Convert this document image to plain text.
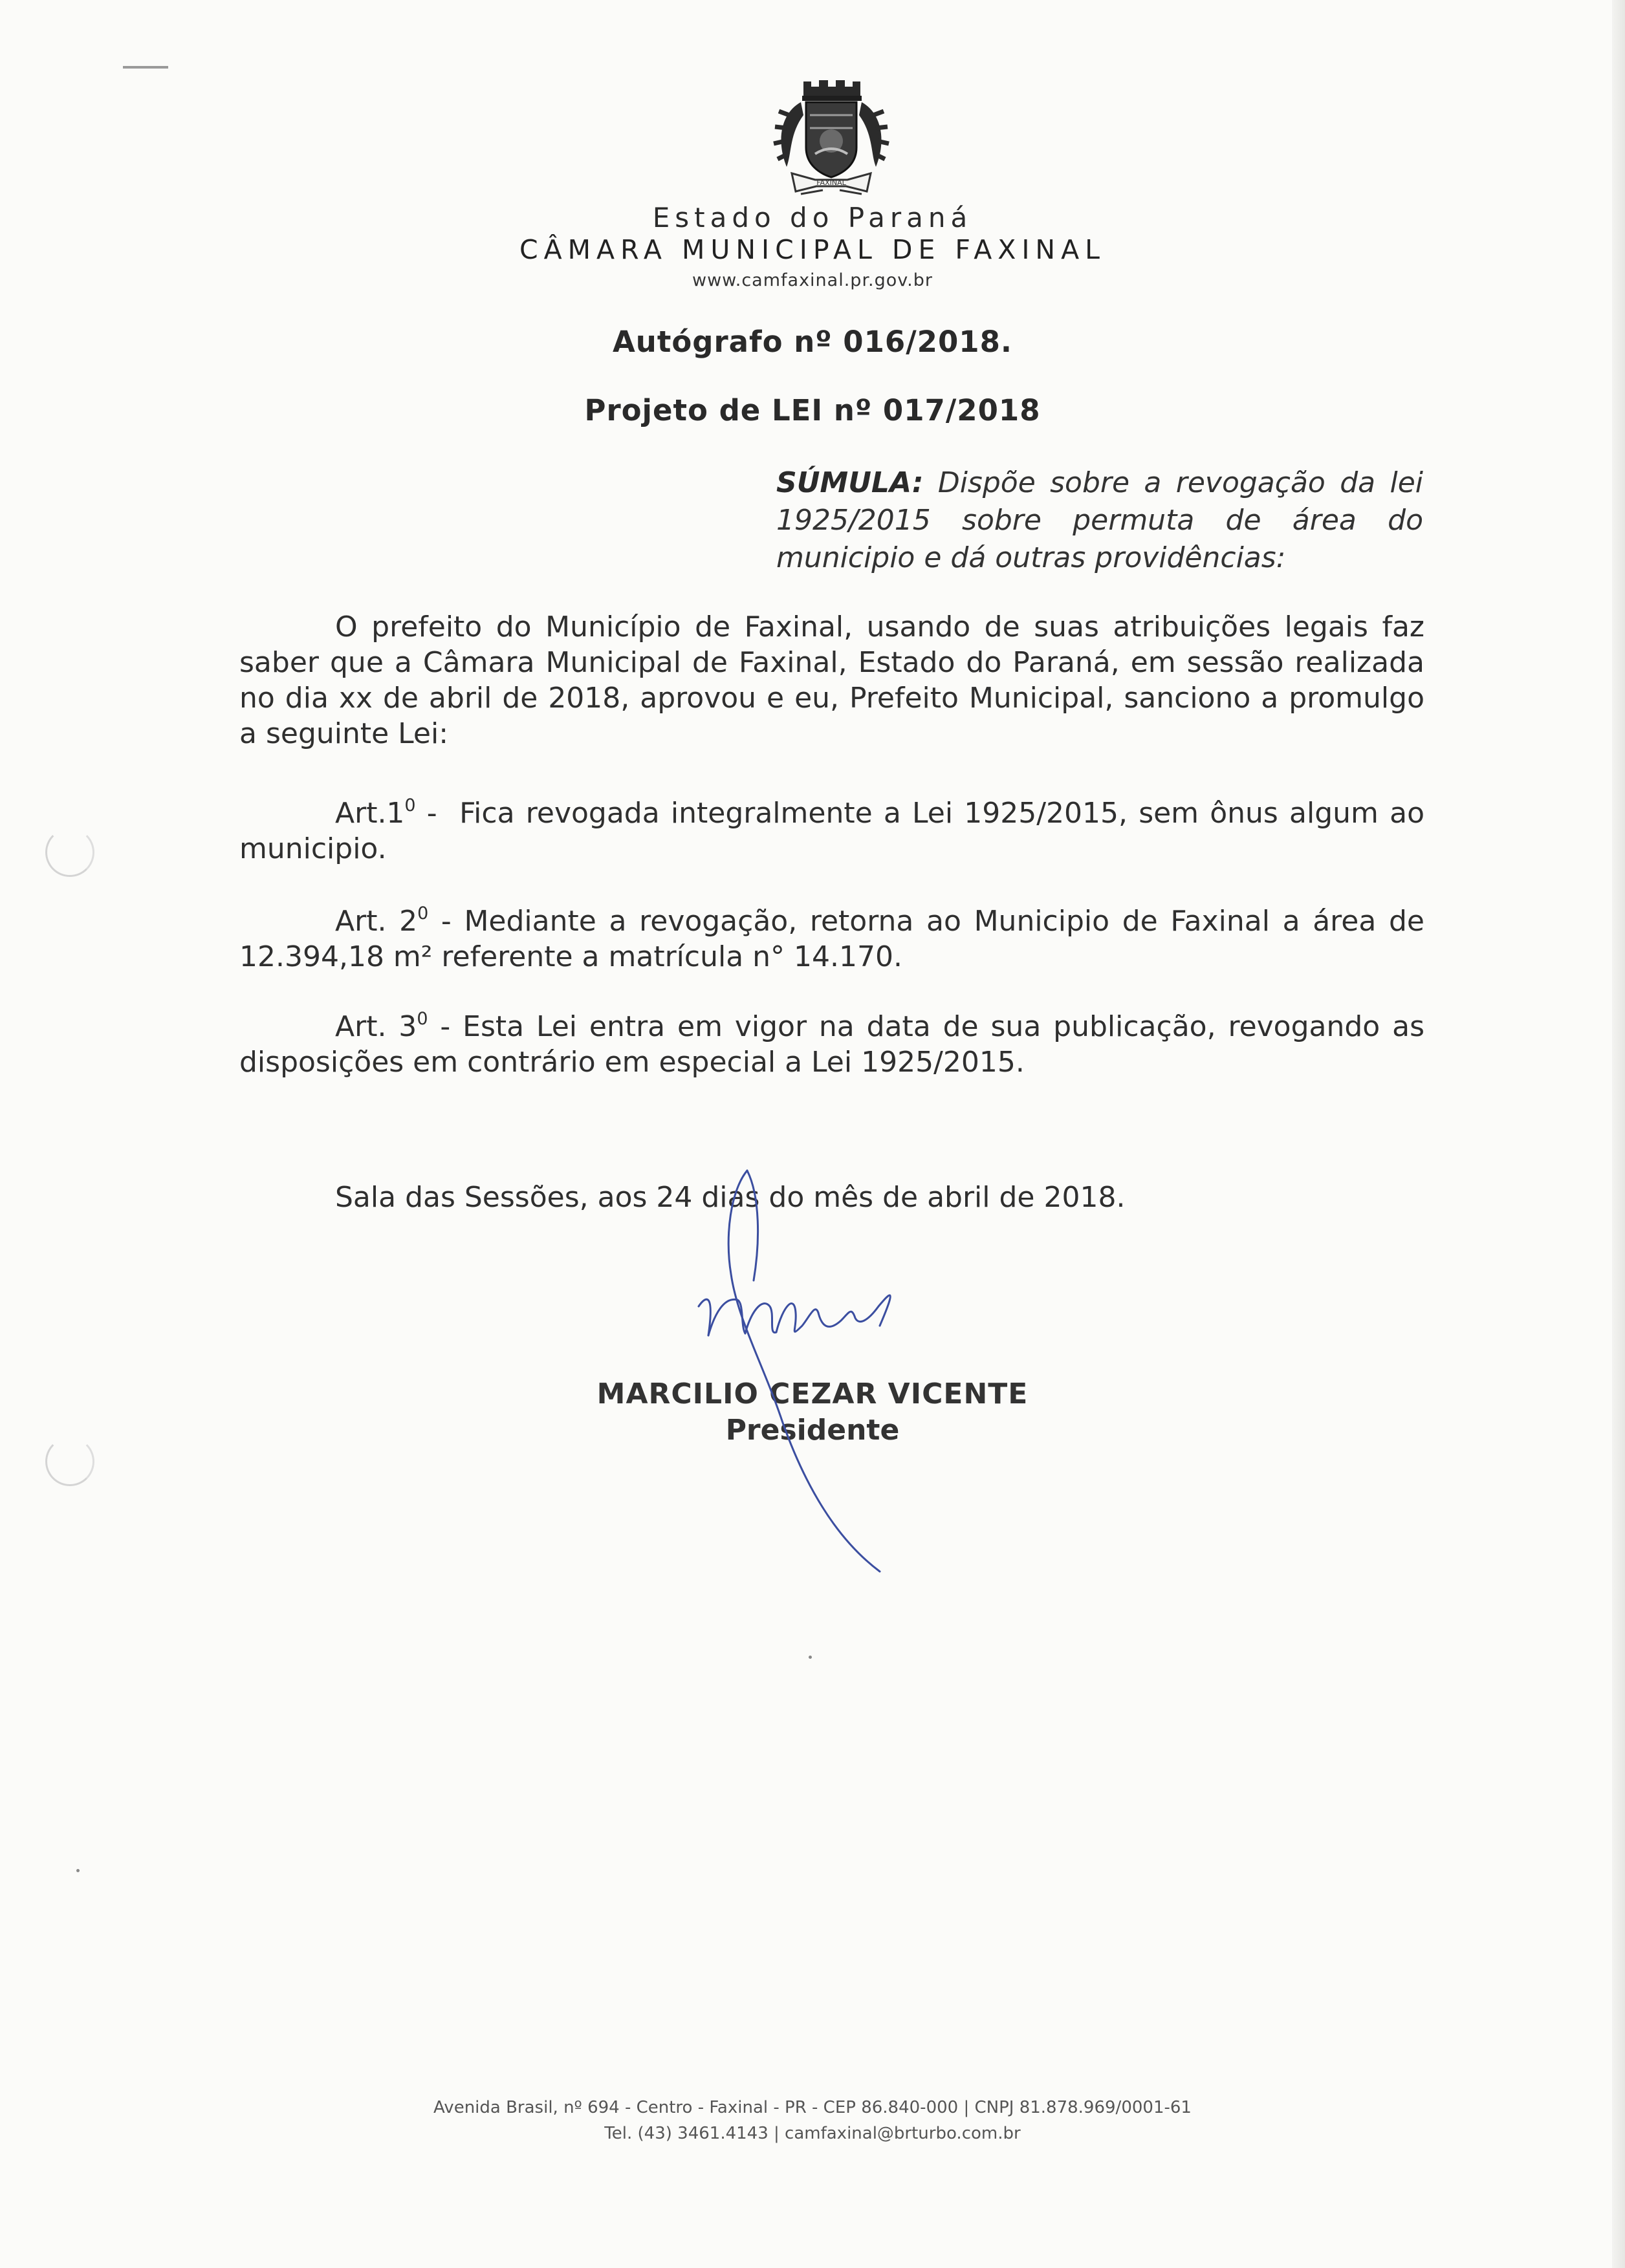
FAXINAL
Estado do Paraná
CÂMARA MUNICIPAL DE FAXINAL
www.camfaxinal.pr.gov.br
Autógrafo nº 016/2018.
Projeto de LEI nº 017/2018
SÚMULA: Dispõe sobre a revogação da lei 1925/2015 sobre permuta de área do municipio e dá outras providências:
O prefeito do Município de Faxinal, usando de suas atribuições legais faz saber que a Câmara Municipal de Faxinal, Estado do Paraná, em sessão realizada no dia xx de abril de 2018, aprovou e eu, Prefeito Municipal, sanciono a promulgo a seguinte Lei:
$Art.1^0$ - Fica revogada integralmente a Lei 1925/2015, sem ônus algum ao municipio.
Art. $2^0$ - Mediante a revogação, retorna ao Municipio de Faxinal a área de 12.394,18 m² referente a matrícula n° 14.170.
Art. $3^0$ - Esta Lei entra em vigor na data de sua publicação, revogando as disposições em contrário em especial a Lei 1925/2015.
Sala das Sessões, aos 24 dias do mês de abril de 2018.
MARCILIO CEZAR VICENTE
Presidente
Avenida Brasil, nº 694 - Centro - Faxinal - PR - CEP 86.840-000 | CNPJ 81.878.969/0001-61
Tel. (43) 3461.4143 | camfaxinal@brturbo.com.br
